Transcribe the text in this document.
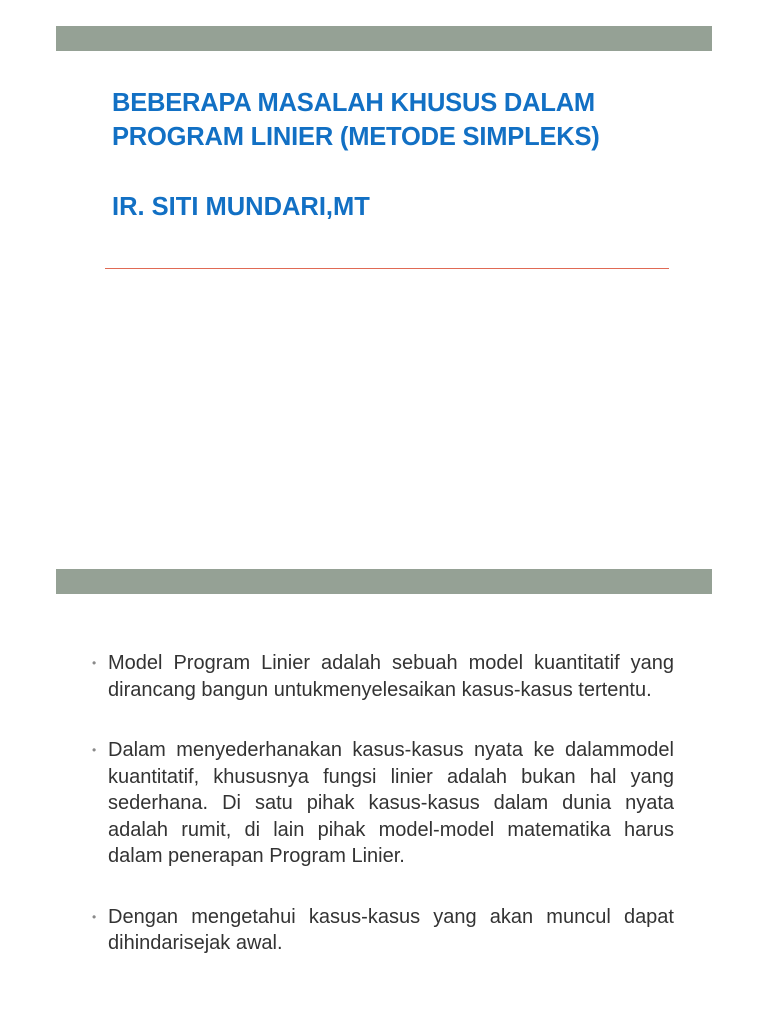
BEBERAPA MASALAH KHUSUS DALAM
PROGRAM LINIER (METODE SIMPLEKS)
IR. SITI MUNDARI,MT
• Model Program Linier adalah sebuah model kuantitatif yang dirancang bangun untukmenyelesaikan kasus-kasus tertentu.
• Dalam menyederhanakan kasus-kasus nyata ke dalammodel kuantitatif, khususnya fungsi linier adalah bukan hal yang sederhana. Di satu pihak kasus-kasus dalam dunia nyata adalah rumit, di lain pihak model-model matematika harus dalam penerapan Program Linier.
• Dengan mengetahui kasus-kasus yang akan muncul dapat dihindarisejak awal.
